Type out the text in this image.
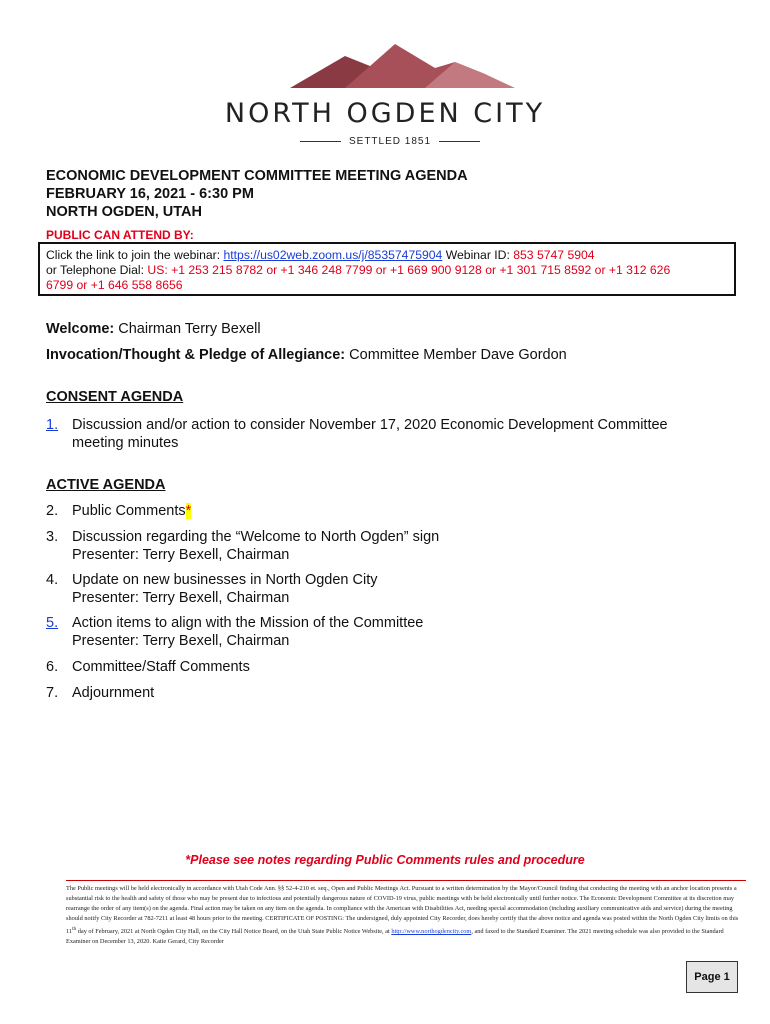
NORTH OGDEN CITY
SETTLED 1851
ECONOMIC DEVELOPMENT COMMITTEE MEETING AGENDA
FEBRUARY 16, 2021 - 6:30 PM
NORTH OGDEN, UTAH
PUBLIC CAN ATTEND BY:
Click the link to join the webinar: https://us02web.zoom.us/j/85357475904 Webinar ID: 853 5747 5904
or Telephone Dial: US: +1 253 215 8782 or +1 346 248 7799 or +1 669 900 9128 or +1 301 715 8592 or +1 312 626
6799 or +1 646 558 8656
Welcome: Chairman Terry Bexell
Invocation/Thought & Pledge of Allegiance: Committee Member Dave Gordon
CONSENT AGENDA
1. Discussion and/or action to consider November 17, 2020 Economic Development Committee
meeting minutes
ACTIVE AGENDA
2. Public Comments*
3. Discussion regarding the “Welcome to North Ogden” sign
Presenter: Terry Bexell, Chairman
4. Update on new businesses in North Ogden City
Presenter: Terry Bexell, Chairman
5. Action items to align with the Mission of the Committee
Presenter: Terry Bexell, Chairman
6. Committee/Staff Comments
7. Adjournment
*Please see notes regarding Public Comments rules and procedure
The Public meetings will be held electronically in accordance with Utah Code Ann. §§ 52-4-210 et. seq., Open and Public Meetings Act. Pursuant to a written determination by the Mayor/Council finding that conducting the meeting with an anchor location presents a substantial risk to the health and safety of those who may be present due to infectious and potentially dangerous nature of COVID-19 virus, public meetings with be held electronically until further notice. The Economic Development Committee at its discretion may rearrange the order of any item(s) on the agenda. Final action may be taken on any item on the agenda. In compliance with the American with Disabilities Act, needing special accommodation (including auxiliary communicative aids and service) during the meeting should notify City Recorder at 782-7211 at least 48 hours prior to the meeting. CERTIFICATE OF POSTING: The undersigned, duly appointed City Recorder, does hereby certify that the above notice and agenda was posted within the North Ogden City limits on this 11th day of February, 2021 at North Ogden City Hall, on the City Hall Notice Board, on the Utah State Public Notice Website, at http://www.northogdencity.com, and faxed to the Standard Examiner. The 2021 meeting schedule was also provided to the Standard Examiner on December 13, 2020. Katie Gerard, City Recorder
Page 1
